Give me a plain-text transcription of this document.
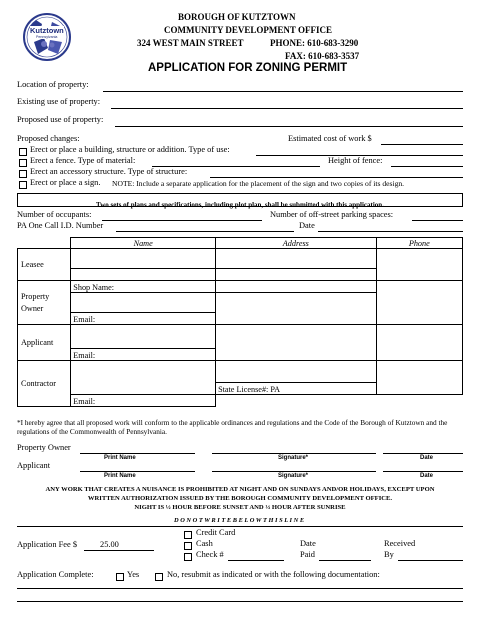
Kutztown
Pennsylvania
BOROUGH OF KUTZTOWN
COMMUNITY DEVELOPMENT OFFICE
324 WEST MAIN STREET	PHONE: 610-683-3290
FAX: 610-683-3537
APPLICATION FOR ZONING PERMIT
Location of property:
Existing use of property:
Proposed use of property:
Proposed changes:	Estimated cost of work $
Erect or place a building, structure or addition. Type of use:
Erect a fence. Type of material:	Height of fence:
Erect an accessory structure. Type of structure:
Erect or place a sign. NOTE: Include a separate application for the placement of the sign and two copies of its design.
Two sets of plans and specifications, including plot plan, shall be submitted with this application.
Number of occupants:	Number of off-street parking spaces:
PA One Call I.D. Number	Date
	Name	Address	Phone
Leasee			

Property Owner	Shop Name:		

	Email:		
Applicant			
	Email:		
Contractor			
		State License#: PA	
	Email:		
*I hereby agree that all proposed work will conform to the applicable ordinances and regulations and the Code of the Borough of Kutztown and the regulations of the Commonwealth of Pennsylvania.
Property Owner
Print Name	Signature*	Date
Applicant
Print Name	Signature*	Date
ANY WORK THAT CREATES A NUISANCE IS PROHIBITED AT NIGHT AND ON SUNDAYS AND/OR HOLIDAYS, EXCEPT UPON
WRITTEN AUTHORIZATION ISSUED BY THE BOROUGH COMMUNITY DEVELOPMENT OFFICE.
NIGHT IS ½ HOUR BEFORE SUNSET AND ½ HOUR AFTER SUNRISE
D O N O T W R I T E B E L O W T H I S L I N E
Credit Card
Application Fee $	25.00	Cash	Date	Received
Check #	Paid	By
Application Complete:	Yes	No, resubmit as indicated or with the following documentation:
